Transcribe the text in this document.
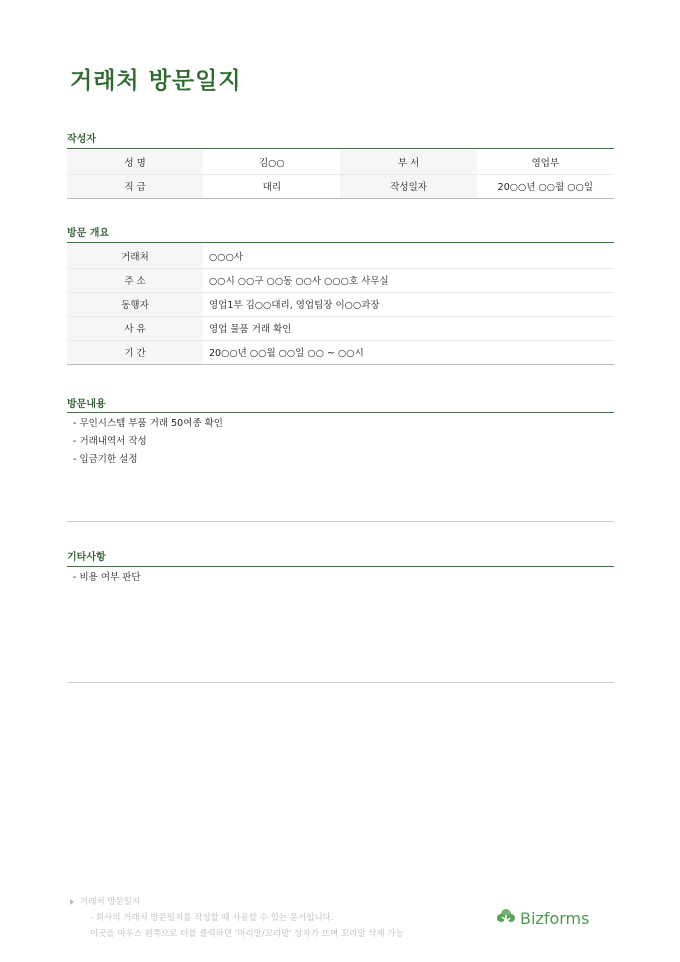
거래처 방문일지
작성자
성 명	김○○	부 서	영업부
직 급	대리	작성일자	20○○년 ○○월 ○○일
방문 개요
거래처	○○○사
주 소	○○시 ○○구 ○○동 ○○사 ○○○호 사무실
동행자	영업1부 김○○대리, 영업팀장 이○○과장
사 유	영업 물품 거래 확인
기 간	20○○년 ○○월 ○○일 ○○ ~ ○○시
방문내용
- 무인시스템 부품 거래 50여종 확인
- 거래내역서 작성
- 입금기한 설정
기타사항
- 비용 여부 판단
거래처 방문일지
- 회사의 거래처 방문일지를 작성할 때 사용할 수 있는 문서입니다.
이곳을 마우스 왼쪽으로 더블 클릭하면 '머리말/꼬리말' 상자가 뜨며 꼬리말 삭제 가능
Bizforms
